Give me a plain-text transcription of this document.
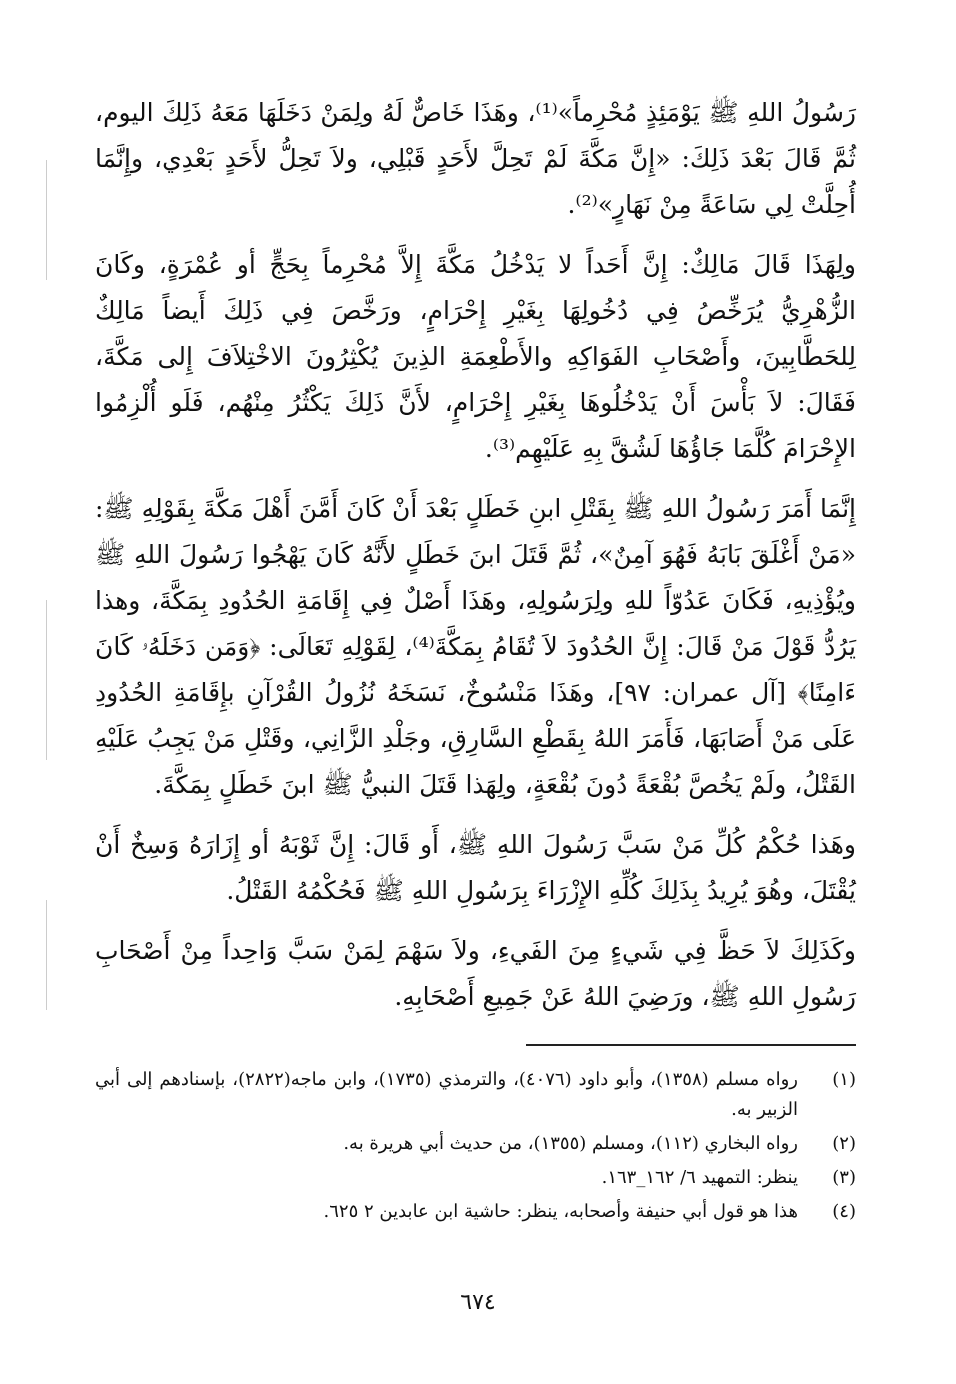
رَسُولُ اللهِ ﷺ يَوْمَئِذٍ مُحْرِماً»⁽¹⁾، وهَذَا خَاصٌّ لَهُ ولِمَنْ دَخَلَهَا مَعَهُ ذَلِكَ اليوم، ثُمَّ قَالَ بَعْدَ ذَلِكَ: «إِنَّ مَكَّةَ لَمْ تَحِلَّ لأَحَدٍ قَبْلِي، ولاَ تَحِلُّ لأَحَدٍ بَعْدِي، وإِنَّمَا أُحِلَّتْ لِي سَاعَةً مِنْ نَهَارٍ»⁽²⁾.

ولِهَذَا قَالَ مَالِكٌ: إِنَّ أَحَداً لا يَدْخُلُ مَكَّةَ إِلاَّ مُحْرِماً بِحَجٍّ أو عُمْرَةٍ، وكَانَ الزُّهْرِيُّ يُرَخِّصُ فِي دُخُولِهَا بِغَيْرِ إِحْرَامٍ، ورَخَّصَ فِي ذَلِكَ أَيضاً مَالِكٌ لِلحَطَّابِينَ، وأَصْحَابِ الفَوَاكِهِ والأَطْعِمَةِ الذِينَ يُكْثِرُونَ الاخْتِلاَفَ إِلى مَكَّةَ، فَقَالَ: لاَ بَأْسَ أَنْ يَدْخُلُوهَا بِغَيْرِ إِحْرَامٍ، لأَنَّ ذَلِكَ يَكْثُرُ مِنْهُم، فَلَو أُلْزِمُوا الإِحْرَامَ كُلَّمَا جَاؤُهَا لَشُقَّ بِهِ عَلَيْهِم⁽³⁾.

إِنَّمَا أَمَرَ رَسُولُ اللهِ ﷺ بِقَتْلِ ابنِ خَطَلٍ بَعْدَ أَنْ كَانَ أَمَّنَ أَهْلَ مَكَّةَ بِقَوْلِهِ ﷺ: «مَنْ أَغْلَقَ بَابَهُ فَهُوَ آمِنٌ»، ثُمَّ قَتَلَ ابنَ خَطَلٍ لأَنَّهُ كَانَ يَهْجُوا رَسُولَ اللهِ ﷺ ويُؤْذِيهِ، فَكَانَ عَدُوّاً للهِ ولِرَسُولِهِ، وهَذَا أَصْلٌ فِي إِقَامَةِ الحُدُودِ بِمَكَّةَ، وهذا يَرُدُّ قَوْلَ مَنْ قَالَ: إِنَّ الحُدُودَ لاَ تُقَامُ بِمَكَّةَ⁽⁴⁾، لِقَوْلِهِ تَعَالَى: ﴿وَمَن دَخَلَهُۥ كَانَ ءَامِنًا﴾ [آل عمران: ٩٧]، وهَذَا مَنْسُوخٌ، نَسَخَهُ نُزُولُ القُرْآنِ بإِقَامَةِ الحُدُودِ عَلَى مَنْ أَصَابَهَا، فَأَمَرَ اللهُ بِقَطْعِ السَّارِقِ، وجَلْدِ الزَّانِي، وقَتْلِ مَنْ يَجِبُ عَلَيْهِ القَتْلُ، ولَمْ يَخُصَّ بُقْعَةً دُونَ بُقْعَةٍ، ولِهَذا قَتَلَ النبيُّ ﷺ ابنَ خَطَلٍ بِمَكَّةَ.

وهَذا حُكْمُ كُلِّ مَنْ سَبَّ رَسُولَ اللهِ ﷺ، أَو قَالَ: إِنَّ ثَوْبَهُ أو إِزَارَهُ وَسِخٌ أَنْ يُقْتَلَ، وهُوَ يُرِيدُ بِذَلِكَ كُلِّهِ الإِزْرَاءَ بِرَسُولِ اللهِ ﷺ فَحُكْمُهُ القَتْلُ.

وكَذَلِكَ لاَ حَظَّ فِي شَيءٍ مِنَ الفَيءِ، ولاَ سَهْمَ لِمَنْ سَبَّ وَاحِداً مِنْ أَصْحَابِ رَسُولِ اللهِ ﷺ، ورَضِيَ اللهُ عَنْ جَمِيعِ أَصْحَابِهِ.

(١)
رواه مسلم (١٣٥٨)، وأبو داود (٤٠٧٦)، والترمذي (١٧٣٥)، وابن ماجه(٢٨٢٢)، بإسنادهم إلى أبي الزبير به.
(٢)
رواه البخاري (١١٢)، ومسلم (١٣٥٥)، من حديث أبي هريرة به.
(٣)
ينظر: التمهيد ٦/ ١٦٢_١٦٣.
(٤)
هذا هو قول أبي حنيفة وأصحابه، ينظر: حاشية ابن عابدين ٢ ٦٢٥.
٦٧٤
